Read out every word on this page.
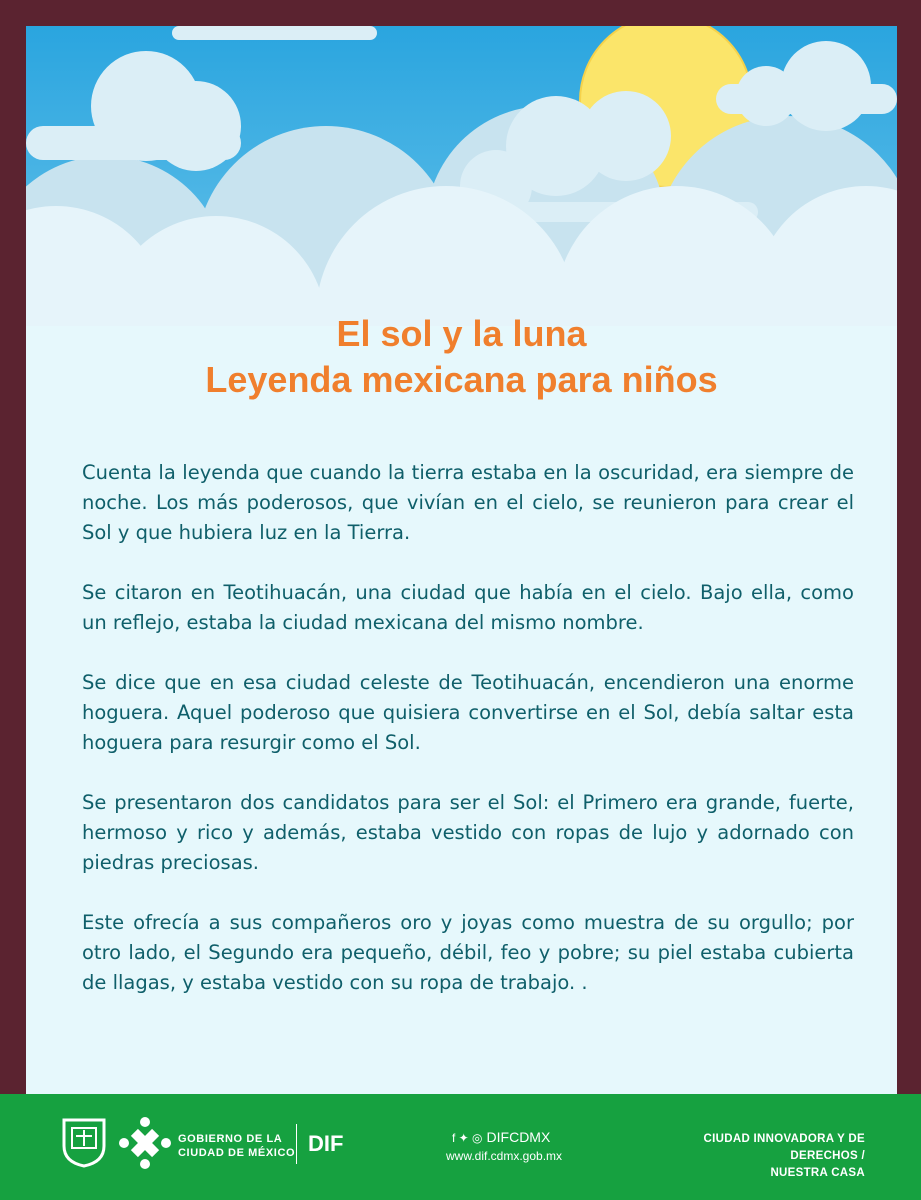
El sol y la luna
Leyenda mexicana para niños

Cuenta la leyenda que cuando la tierra estaba en la oscuridad, era siempre de noche. Los más poderosos, que vivían en el cielo, se reunieron para crear el Sol y que hubiera luz en la Tierra.

Se citaron en Teotihuacán, una ciudad que había en el cielo. Bajo ella, como un reflejo, estaba la ciudad mexicana del mismo nombre.

Se dice que en esa ciudad celeste de Teotihuacán, encendieron una enorme hoguera. Aquel poderoso que quisiera convertirse en el Sol, debía saltar esta hoguera para resurgir como el Sol.

Se presentaron dos candidatos para ser el Sol: el Primero era grande, fuerte, hermoso y rico y además, estaba vestido con ropas de lujo y adornado con piedras preciosas.

Este ofrecía a sus compañeros oro y joyas como muestra de su orgullo; por otro lado, el Segundo era pequeño, débil, feo y pobre; su piel estaba cubierta de llagas, y estaba vestido con su ropa de trabajo. .

GOBIERNO DE LA
CIUDAD DE MÉXICO DIF	f ✦ ◎ DIFCDMX
www.dif.cdmx.gob.mx
CIUDAD INNOVADORA Y DE
DERECHOS /
NUESTRA CASA
